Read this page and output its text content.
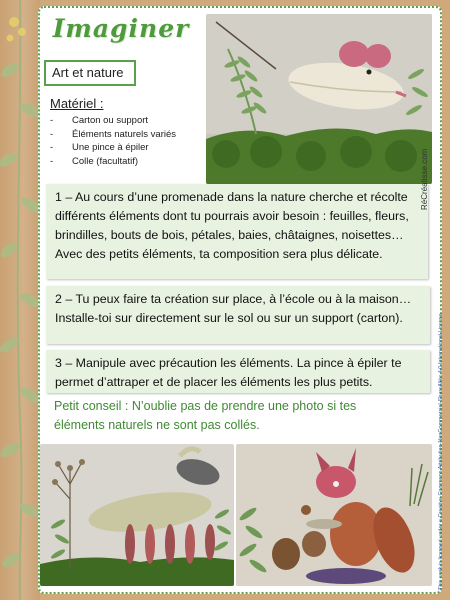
Imaginer
Art et nature
Matériel :
-	Carton ou support
-	Éléments naturels variés
-	Une pince à épiler
-	Colle (facultatif)
1 – Au cours d’une promenade dans la nature cherche et récolte différents éléments dont tu pourrais avoir besoin : feuilles, fleurs, brindilles, bouts de bois, pétales, baies, châtaignes, noisettes…Avec des petits éléments, ta composition sera plus délicate.
2 – Tu peux faire ta création sur place, à l’école ou à la maison… Installe-toi sur directement sur le sol ou sur un support (carton).
3 – Manipule avec précaution les éléments. La pince à épiler te permet d’attraper et de placer les éléments les plus petits.
Petit conseil : N’oublie pas de prendre une photo si tes éléments naturels ne sont pas collés.
RéCréatisse.com
This work is licensed under a Creative Commons Attribution-NonCommercial-ShareAlike 4.0 International License
